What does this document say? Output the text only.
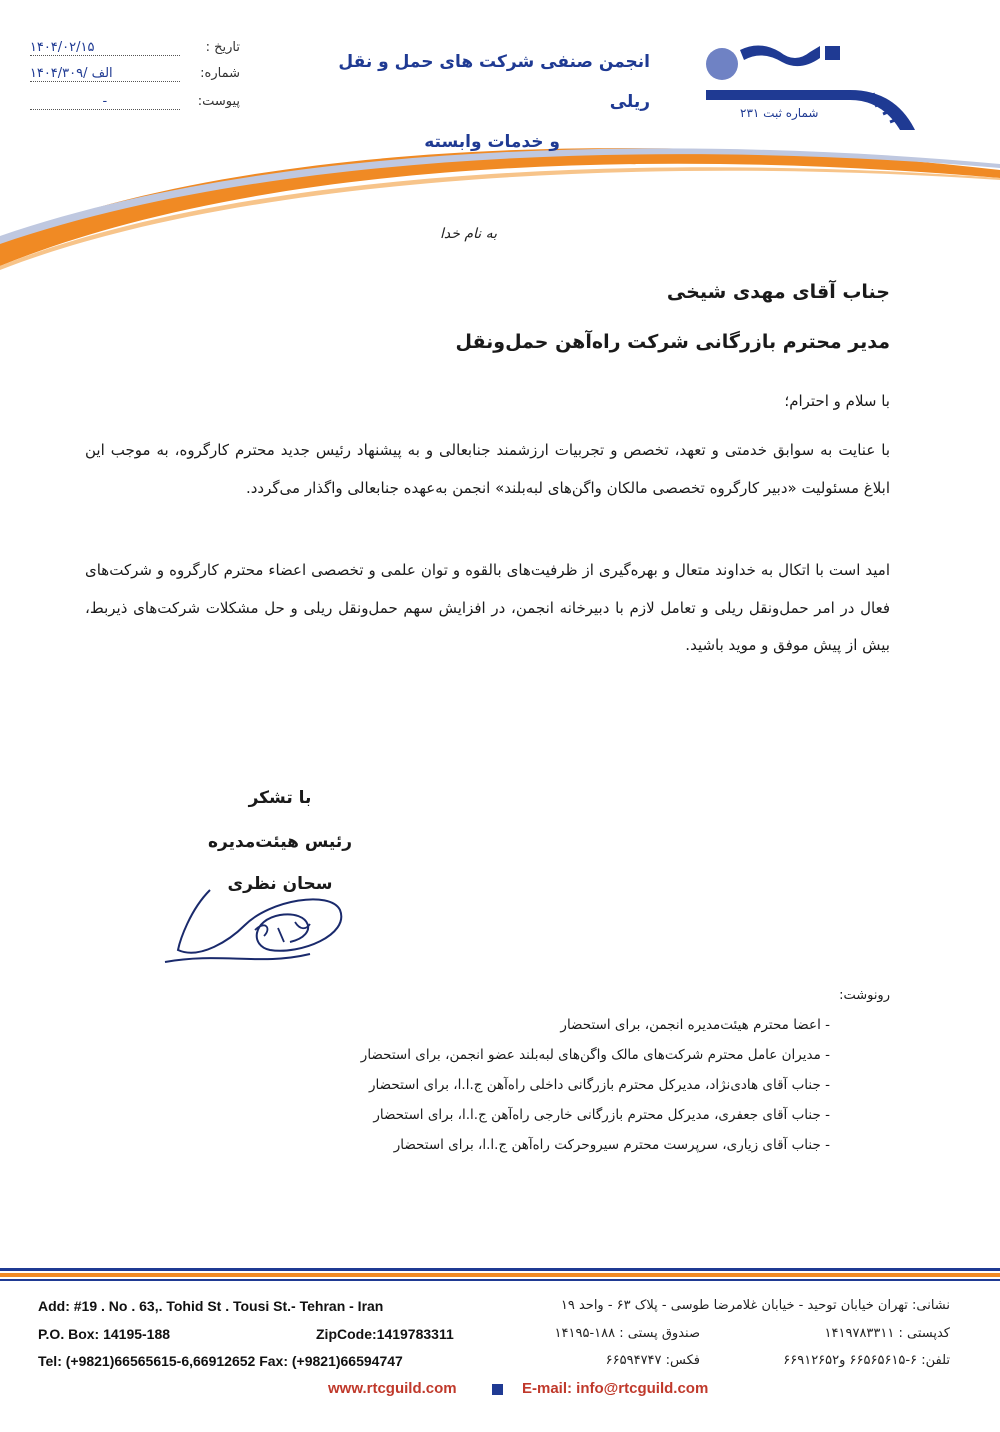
شماره ثبت ۲۳۱
انجمن صنفی شرکت های حمل و نقل ریلی
و خدمات وابسته
تاریخ : ۱۴۰۴/۰۲/۱۵
شماره: ۱۴۰۴/۳۰۹/ الف
پیوست: -
به نام خدا
جناب آقای مهدی شیخی
مدیر محترم بازرگانی شرکت راه‌آهن حمل‌ونقل
با سلام و احترام؛
با عنایت به سوابق خدمتی و تعهد، تخصص و تجربیات ارزشمند جنابعالی و به پیشنهاد رئیس جدید محترم کارگروه، به موجب این ابلاغ مسئولیت «دبیر کارگروه تخصصی مالکان واگن‌های لبه‌بلند» انجمن به‌عهده جنابعالی واگذار می‌گردد.
امید است با اتکال به خداوند متعال و بهره‌گیری از ظرفیت‌های بالقوه و توان علمی و تخصصی اعضاء محترم کارگروه و شرکت‌های فعال در امر حمل‌ونقل ریلی و تعامل لازم با دبیرخانه انجمن، در افزایش سهم حمل‌ونقل ریلی و حل مشکلات شرکت‌های ذیربط، بیش از پیش موفق و موید باشید.
با تشکر
رئیس هیئت‌مدیره
سحان نظری
رونوشت:
- اعضا محترم هیئت‌مدیره انجمن، برای استحضار
- مدیران عامل محترم شرکت‌های مالک واگن‌های لبه‌بلند عضو انجمن، برای استحضار
- جناب آقای هادی‌نژاد، مدیرکل محترم بازرگانی داخلی راه‌آهن ج.ا.ا، برای استحضار
- جناب آقای جعفری، مدیرکل محترم بازرگانی خارجی راه‌آهن ج.ا.ا، برای استحضار
- جناب آقای زیاری، سرپرست محترم سیروحرکت راه‌آهن ج.ا.ا، برای استحضار
Add: #19 . No . 63,. Tohid St . Tousi St.- Tehran - Iran
P.O. Box: 14195-188	ZipCode:1419783311
Tel: (+9821)66565615-6,66912652 Fax: (+9821)66594747
نشانی: تهران خیابان توحید - خیابان غلامرضا طوسی - پلاک ۶۳ - واحد ۱۹
کدپستی : ۱۴۱۹۷۸۳۳۱۱
صندوق پستی : ۱۸۸-۱۴۱۹۵
تلفن: ۶-۶۶۵۶۵۶۱۵ و۶۶۹۱۲۶۵۲
فکس: ۶۶۵۹۴۷۴۷
www.rtcguild.com	E-mail: info@rtcguild.com
